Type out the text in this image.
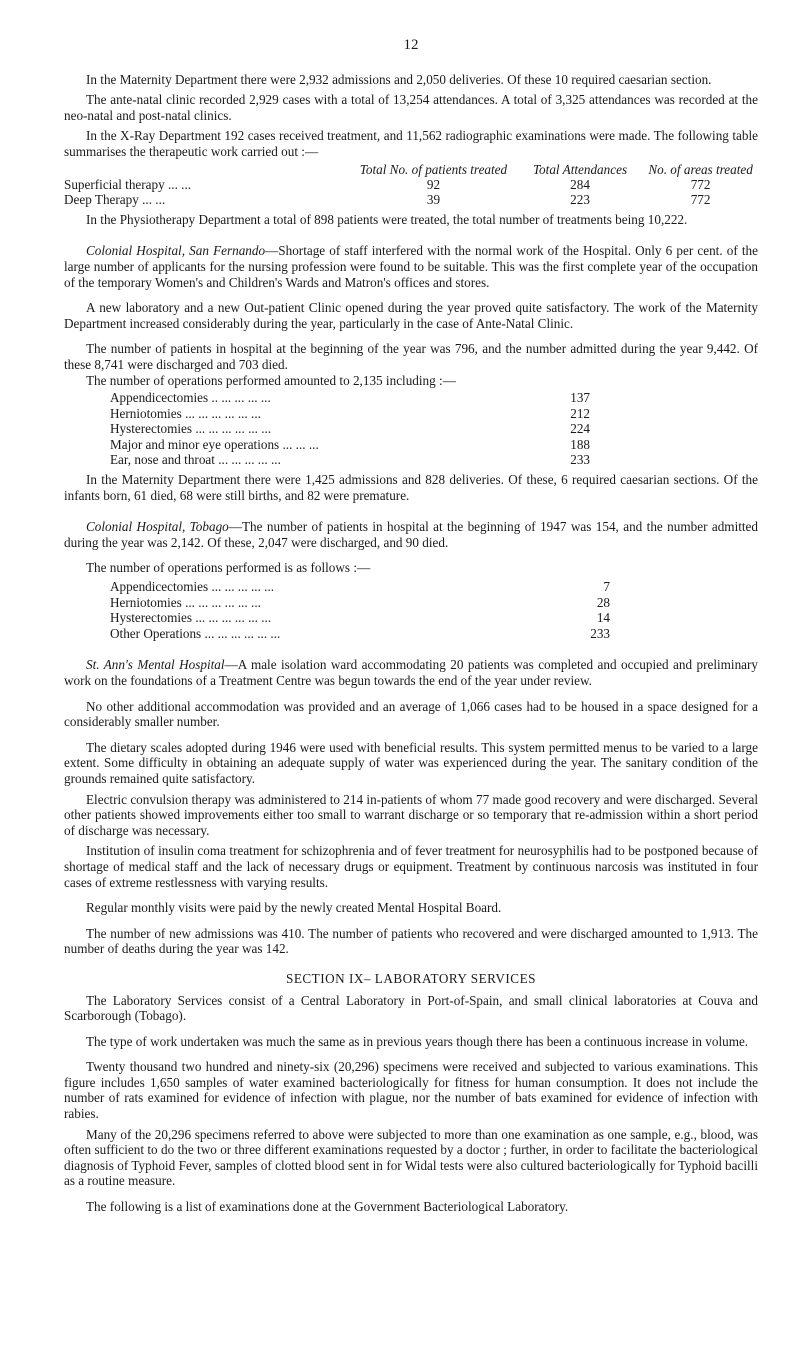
12

In the Maternity Department there were 2,932 admissions and 2,050 deliveries. Of these 10 required caesarian section.

The ante-natal clinic recorded 2,929 cases with a total of 13,254 attendances. A total of 3,325 attendances was recorded at the neo-natal and post-natal clinics.

In the X-Ray Department 192 cases received treatment, and 11,562 radiographic examinations were made. The following table summarises the therapeutic work carried out :—

	Total No. of patients treated	Total Attendances	No. of areas treated
Superficial therapy ... ...	92	284	772
Deep Therapy ... ...	39	223	772

In the Physiotherapy Department a total of 898 patients were treated, the total number of treatments being 10,222.

Colonial Hospital, San Fernando—Shortage of staff interfered with the normal work of the Hospital. Only 6 per cent. of the large number of applicants for the nursing profession were found to be suitable. This was the first complete year of the occupation of the temporary Women's and Children's Wards and Matron's offices and stores.

A new laboratory and a new Out-patient Clinic opened during the year proved quite satisfactory. The work of the Maternity Department increased considerably during the year, particularly in the case of Ante-Natal Clinic.

The number of patients in hospital at the beginning of the year was 796, and the number admitted during the year 9,442. Of these 8,741 were discharged and 703 died.

The number of operations performed amounted to 2,135 including :—

Appendicectomies .. ... ... ... ...	137
Herniotomies ... ... ... ... ... ...	212
Hysterectomies ... ... ... ... ... ...	224
Major and minor eye operations ... ... ...	188
Ear, nose and throat ... ... ... ... ...	233

In the Maternity Department there were 1,425 admissions and 828 deliveries. Of these, 6 required caesarian sections. Of the infants born, 61 died, 68 were still births, and 82 were premature.

Colonial Hospital, Tobago—The number of patients in hospital at the beginning of 1947 was 154, and the number admitted during the year was 2,142. Of these, 2,047 were discharged, and 90 died.

The number of operations performed is as follows :—

Appendicectomies ... ... ... ... ...	7
Herniotomies ... ... ... ... ... ...	28
Hysterectomies ... ... ... ... ... ...	14
Other Operations ... ... ... ... ... ...	233

St. Ann's Mental Hospital—A male isolation ward accommodating 20 patients was completed and occupied and preliminary work on the foundations of a Treatment Centre was begun towards the end of the year under review.

No other additional accommodation was provided and an average of 1,066 cases had to be housed in a space designed for a considerably smaller number.

The dietary scales adopted during 1946 were used with beneficial results. This system permitted menus to be varied to a large extent. Some difficulty in obtaining an adequate supply of water was experienced during the year. The sanitary condition of the grounds remained quite satisfactory.

Electric convulsion therapy was administered to 214 in-patients of whom 77 made good recovery and were discharged. Several other patients showed improvements either too small to warrant discharge or so temporary that re-admission within a short period of discharge was necessary.

Institution of insulin coma treatment for schizophrenia and of fever treatment for neurosyphilis had to be postponed because of shortage of medical staff and the lack of necessary drugs or equipment. Treatment by continuous narcosis was instituted in four cases of extreme restlessness with varying results.

Regular monthly visits were paid by the newly created Mental Hospital Board.

The number of new admissions was 410. The number of patients who recovered and were discharged amounted to 1,913. The number of deaths during the year was 142.

SECTION IX– LABORATORY SERVICES

The Laboratory Services consist of a Central Laboratory in Port-of-Spain, and small clinical laboratories at Couva and Scarborough (Tobago).

The type of work undertaken was much the same as in previous years though there has been a continuous increase in volume.

Twenty thousand two hundred and ninety-six (20,296) specimens were received and subjected to various examinations. This figure includes 1,650 samples of water examined bacteriologically for fitness for human consumption. It does not include the number of rats examined for evidence of infection with plague, nor the number of bats examined for evidence of infection with rabies.

Many of the 20,296 specimens referred to above were subjected to more than one examination as one sample, e.g., blood, was often sufficient to do the two or three different examinations requested by a doctor ; further, in order to facilitate the bacteriological diagnosis of Typhoid Fever, samples of clotted blood sent in for Widal tests were also cultured bacteriologically for Typhoid bacilli as a routine measure.

The following is a list of examinations done at the Government Bacteriological Laboratory.
